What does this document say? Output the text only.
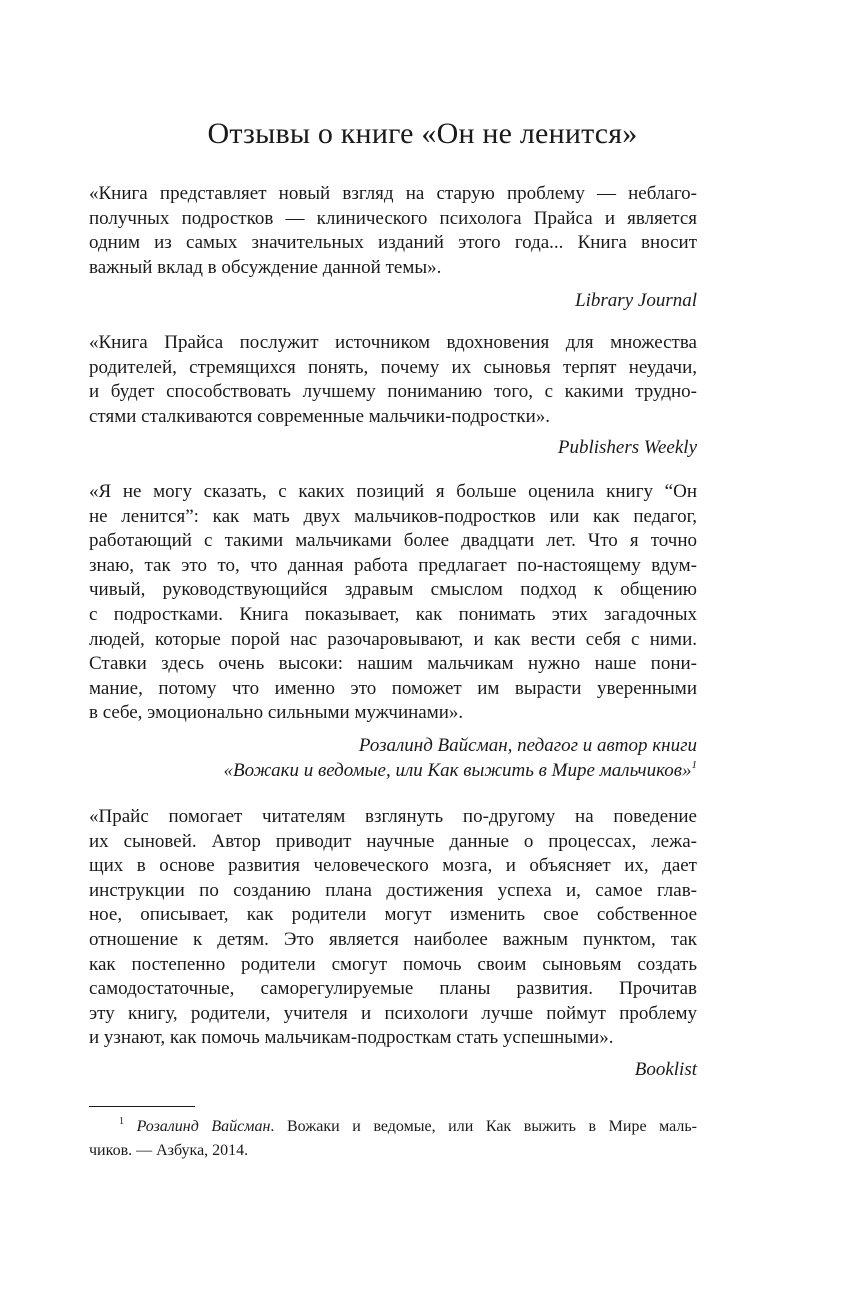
Отзывы о книге «Он не ленится»
«Книга представляет новый взгляд на старую проблему — неблаго-
получных подростков — клинического психолога Прайса и является
одним из самых значительных изданий этого года... Книга вносит
важный вклад в обсуждение данной темы».
Library Journal
«Книга Прайса послужит источником вдохновения для множества
родителей, стремящихся понять, почему их сыновья терпят неудачи,
и будет способствовать лучшему пониманию того, с какими трудно-
стями сталкиваются современные мальчики-подростки».
Publishers Weekly
«Я не могу сказать, с каких позиций я больше оценила книгу “Он
не ленится”: как мать двух мальчиков-подростков или как педагог,
работающий с такими мальчиками более двадцати лет. Что я точно
знаю, так это то, что данная работа предлагает по-настоящему вдум-
чивый, руководствующийся здравым смыслом подход к общению
с подростками. Книга показывает, как понимать этих загадочных
людей, которые порой нас разочаровывают, и как вести себя с ними.
Ставки здесь очень высоки: нашим мальчикам нужно наше пони-
мание, потому что именно это поможет им вырасти уверенными
в себе, эмоционально сильными мужчинами».
Розалинд Вайсман, педагог и автор книги
«Вожаки и ведомые, или Как выжить в Мире мальчиков»$^1$
«Прайс помогает читателям взглянуть по-другому на поведение
их сыновей. Автор приводит научные данные о процессах, лежа-
щих в основе развития человеческого мозга, и объясняет их, дает
инструкции по созданию плана достижения успеха и, самое глав-
ное, описывает, как родители могут изменить свое собственное
отношение к детям. Это является наиболее важным пунктом, так
как постепенно родители смогут помочь своим сыновьям создать
самодостаточные, саморегулируемые планы развития. Прочитав
эту книгу, родители, учителя и психологи лучше поймут проблему
и узнают, как помочь мальчикам-подросткам стать успешными».
Booklist
$^1$ Розалинд Вайсман. Вожаки и ведомые, или Как выжить в Мире маль-
чиков. — Азбука, 2014.
